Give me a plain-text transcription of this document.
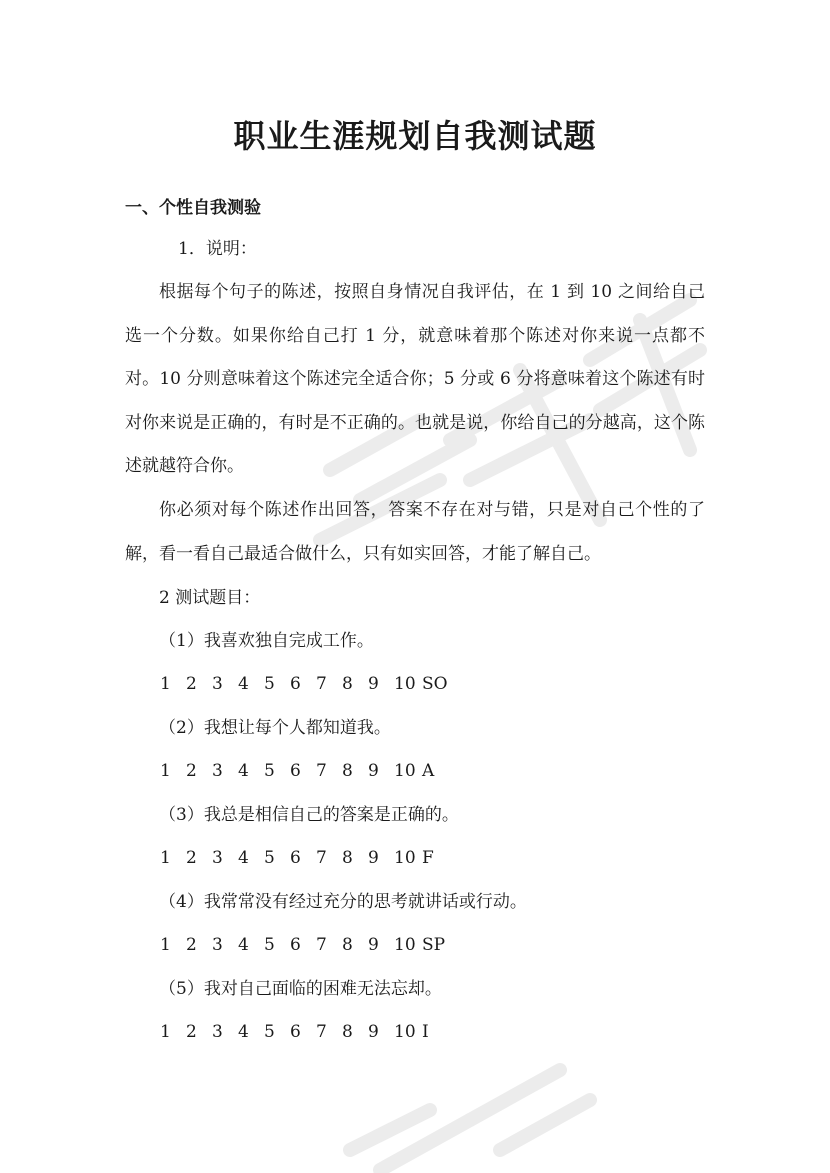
职业生涯规划自我测试题
一、个性自我测验
1．说明：

根据每个句子的陈述，按照自身情况自我评估，在 1 到 10 之间给自己选一个分数。如果你给自己打 1 分，就意味着那个陈述对你来说一点都不对。10 分则意味着这个陈述完全适合你；5 分或 6 分将意味着这个陈述有时对你来说是正确的，有时是不正确的。也就是说，你给自己的分越高，这个陈述就越符合你。

你必须对每个陈述作出回答，答案不存在对与错，只是对自己个性的了解，看一看自己最适合做什么，只有如实回答，才能了解自己。

2 测试题目：
（1）我喜欢独自完成工作。
1 2 3 4 5 6 7 8 9 10 SO
（2）我想让每个人都知道我。
1 2 3 4 5 6 7 8 9 10 A
（3）我总是相信自己的答案是正确的。
1 2 3 4 5 6 7 8 9 10 F
（4）我常常没有经过充分的思考就讲话或行动。
1 2 3 4 5 6 7 8 9 10 SP
（5）我对自己面临的困难无法忘却。
1 2 3 4 5 6 7 8 9 10 I
